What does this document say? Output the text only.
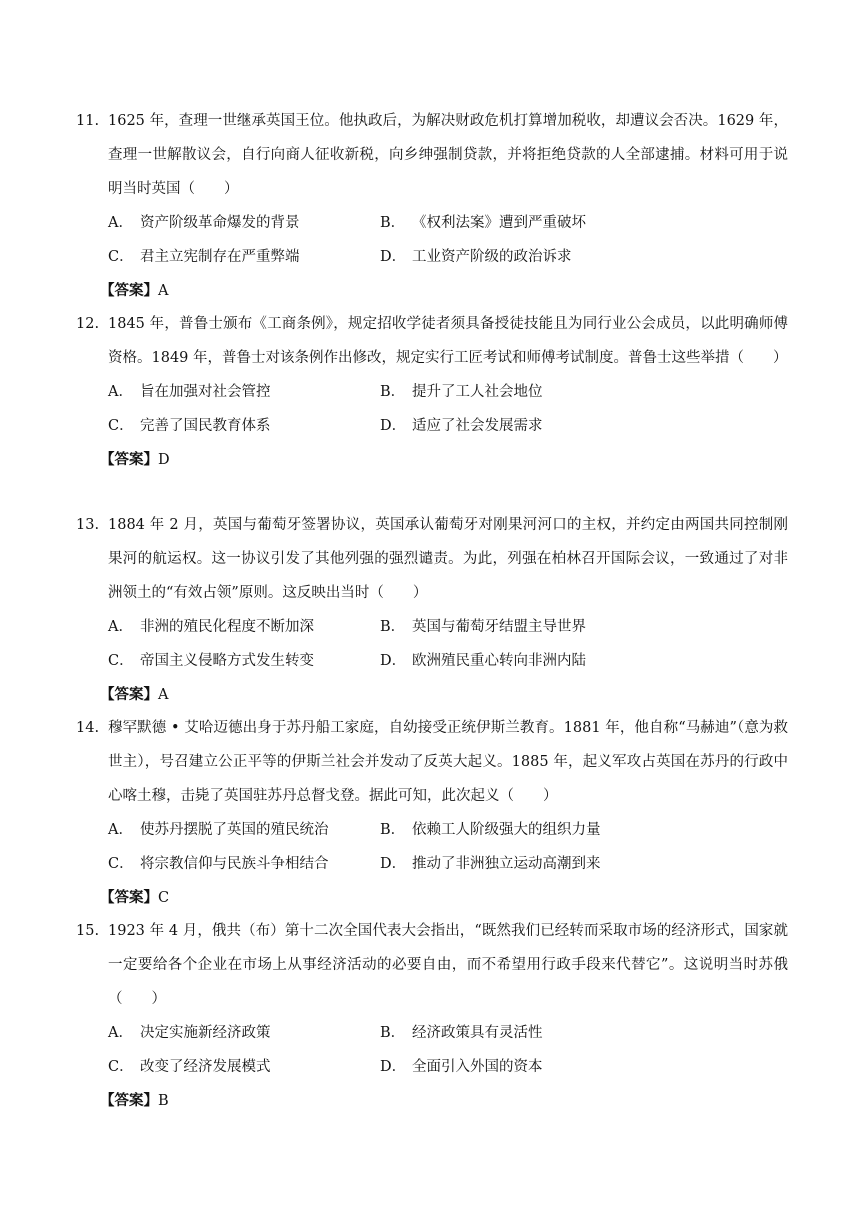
11. 1625 年，查理一世继承英国王位。他执政后，为解决财政危机打算增加税收，却遭议会否决。1629 年，查理一世解散议会，自行向商人征收新税，向乡绅强制贷款，并将拒绝贷款的人全部逮捕。材料可用于说明当时英国（　　）
A． 资产阶级革命爆发的背景	B． 《权利法案》遭到严重破坏
C． 君主立宪制存在严重弊端	D． 工业资产阶级的政治诉求
【答案】A
12. 1845 年，普鲁士颁布《工商条例》，规定招收学徒者须具备授徒技能且为同行业公会成员，以此明确师傅资格。1849 年，普鲁士对该条例作出修改，规定实行工匠考试和师傅考试制度。普鲁士这些举措（　　）
A． 旨在加强对社会管控	B． 提升了工人社会地位
C． 完善了国民教育体系	D． 适应了社会发展需求
【答案】D
13. 1884 年 2 月，英国与葡萄牙签署协议，英国承认葡萄牙对刚果河河口的主权，并约定由两国共同控制刚果河的航运权。这一协议引发了其他列强的强烈谴责。为此，列强在柏林召开国际会议，一致通过了对非洲领土的“有效占领”原则。这反映出当时（　　）
A． 非洲的殖民化程度不断加深	B． 英国与葡萄牙结盟主导世界
C． 帝国主义侵略方式发生转变	D． 欧洲殖民重心转向非洲内陆
【答案】A
14. 穆罕默德 • 艾哈迈德出身于苏丹船工家庭，自幼接受正统伊斯兰教育。1881 年，他自称“马赫迪”（意为救世主），号召建立公正平等的伊斯兰社会并发动了反英大起义。1885 年，起义军攻占英国在苏丹的行政中心喀土穆，击毙了英国驻苏丹总督戈登。据此可知，此次起义（　　）
A． 使苏丹摆脱了英国的殖民统治	B． 依赖工人阶级强大的组织力量
C． 将宗教信仰与民族斗争相结合	D． 推动了非洲独立运动高潮到来
【答案】C
15. 1923 年 4 月，俄共（布）第十二次全国代表大会指出，“既然我们已经转而采取市场的经济形式，国家就一定要给各个企业在市场上从事经济活动的必要自由，而不希望用行政手段来代替它”。这说明当时苏俄（　　）
A． 决定实施新经济政策	B． 经济政策具有灵活性
C． 改变了经济发展模式	D． 全面引入外国的资本
【答案】B
